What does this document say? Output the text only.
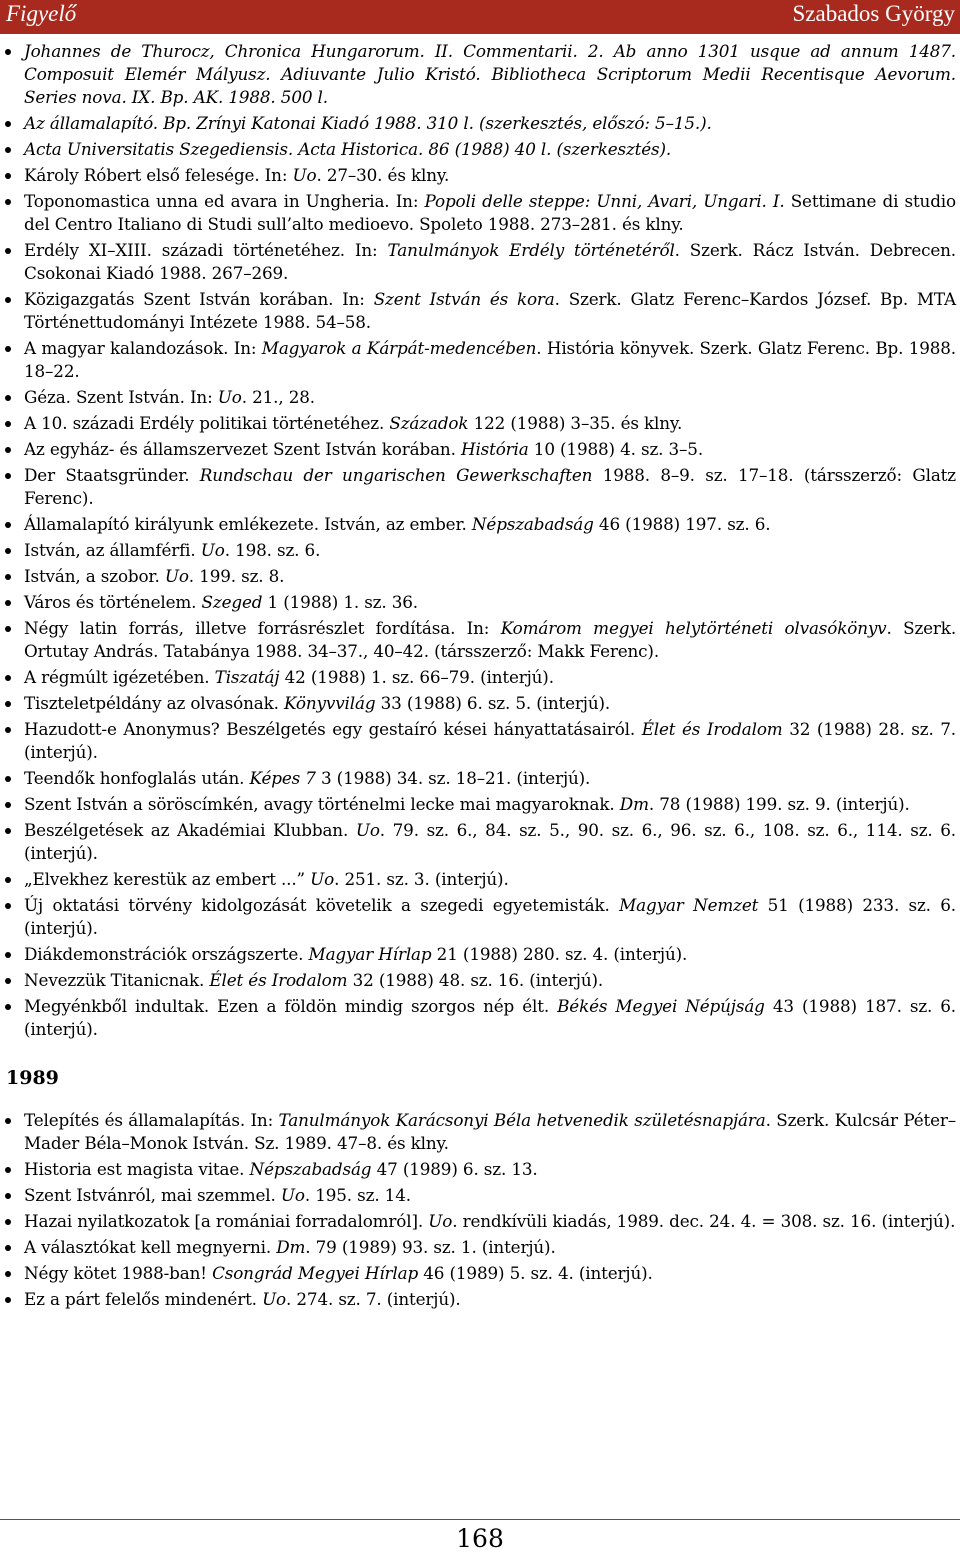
Figyelő	Szabados György
Johannes de Thurocz, Chronica Hungarorum. II. Commentarii. 2. Ab anno 1301 usque ad annum 1487. Composuit Elemér Mályusz. Adiuvante Julio Kristó. Bibliotheca Scriptorum Medii Recentisque Aevorum. Series nova. IX. Bp. AK. 1988. 500 l.
Az államalapító. Bp. Zrínyi Katonai Kiadó 1988. 310 l. (szerkesztés, előszó: 5–15.).
Acta Universitatis Szegediensis. Acta Historica. 86 (1988) 40 l. (szerkesztés).
Károly Róbert első felesége. In: Uo. 27–30. és klny.
Toponomastica unna ed avara in Ungheria. In: Popoli delle steppe: Unni, Avari, Ungari. I. Settimane di studio del Centro Italiano di Studi sull’alto medioevo. Spoleto 1988. 273–281. és klny.
Erdély XI–XIII. századi történetéhez. In: Tanulmányok Erdély történetéről. Szerk. Rácz István. Debrecen. Csokonai Kiadó 1988. 267–269.
Közigazgatás Szent István korában. In: Szent István és kora. Szerk. Glatz Ferenc–Kardos József. Bp. MTA Történettudományi Intézete 1988. 54–58.
A magyar kalandozások. In: Magyarok a Kárpát-medencében. História könyvek. Szerk. Glatz Ferenc. Bp. 1988. 18–22.
Géza. Szent István. In: Uo. 21., 28.
A 10. századi Erdély politikai történetéhez. Századok 122 (1988) 3–35. és klny.
Az egyház- és államszervezet Szent István korában. História 10 (1988) 4. sz. 3–5.
Der Staatsgründer. Rundschau der ungarischen Gewerkschaften 1988. 8–9. sz. 17–18. (társszerző: Glatz Ferenc).
Államalapító királyunk emlékezete. István, az ember. Népszabadság 46 (1988) 197. sz. 6.
István, az államférfi. Uo. 198. sz. 6.
István, a szobor. Uo. 199. sz. 8.
Város és történelem. Szeged 1 (1988) 1. sz. 36.
Négy latin forrás, illetve forrásrészlet fordítása. In: Komárom megyei helytörténeti olvasókönyv. Szerk. Ortutay András. Tatabánya 1988. 34–37., 40–42. (társszerző: Makk Ferenc).
A régmúlt igézetében. Tiszatáj 42 (1988) 1. sz. 66–79. (interjú).
Tiszteletpéldány az olvasónak. Könyvvilág 33 (1988) 6. sz. 5. (interjú).
Hazudott-e Anonymus? Beszélgetés egy gestaíró kései hányattatásairól. Élet és Irodalom 32 (1988) 28. sz. 7. (interjú).
Teendők honfoglalás után. Képes 7 3 (1988) 34. sz. 18–21. (interjú).
Szent István a söröscímkén, avagy történelmi lecke mai magyaroknak. Dm. 78 (1988) 199. sz. 9. (interjú).
Beszélgetések az Akadémiai Klubban. Uo. 79. sz. 6., 84. sz. 5., 90. sz. 6., 96. sz. 6., 108. sz. 6., 114. sz. 6. (interjú).
„Elvekhez kerestük az embert ...” Uo. 251. sz. 3. (interjú).
Új oktatási törvény kidolgozását követelik a szegedi egyetemisták. Magyar Nemzet 51 (1988) 233. sz. 6. (interjú).
Diákdemonstrációk országszerte. Magyar Hírlap 21 (1988) 280. sz. 4. (interjú).
Nevezzük Titanicnak. Élet és Irodalom 32 (1988) 48. sz. 16. (interjú).
Megyénkből indultak. Ezen a földön mindig szorgos nép élt. Békés Megyei Népújság 43 (1988) 187. sz. 6. (interjú).
1989
Telepítés és államalapítás. In: Tanulmányok Karácsonyi Béla hetvenedik születésnapjára. Szerk. Kulcsár Péter–Mader Béla–Monok István. Sz. 1989. 47–8. és klny.
Historia est magista vitae. Népszabadság 47 (1989) 6. sz. 13.
Szent Istvánról, mai szemmel. Uo. 195. sz. 14.
Hazai nyilatkozatok [a romániai forradalomról]. Uo. rendkívüli kiadás, 1989. dec. 24. 4. = 308. sz. 16. (interjú).
A választókat kell megnyerni. Dm. 79 (1989) 93. sz. 1. (interjú).
Négy kötet 1988-ban! Csongrád Megyei Hírlap 46 (1989) 5. sz. 4. (interjú).
Ez a párt felelős mindenért. Uo. 274. sz. 7. (interjú).
168
